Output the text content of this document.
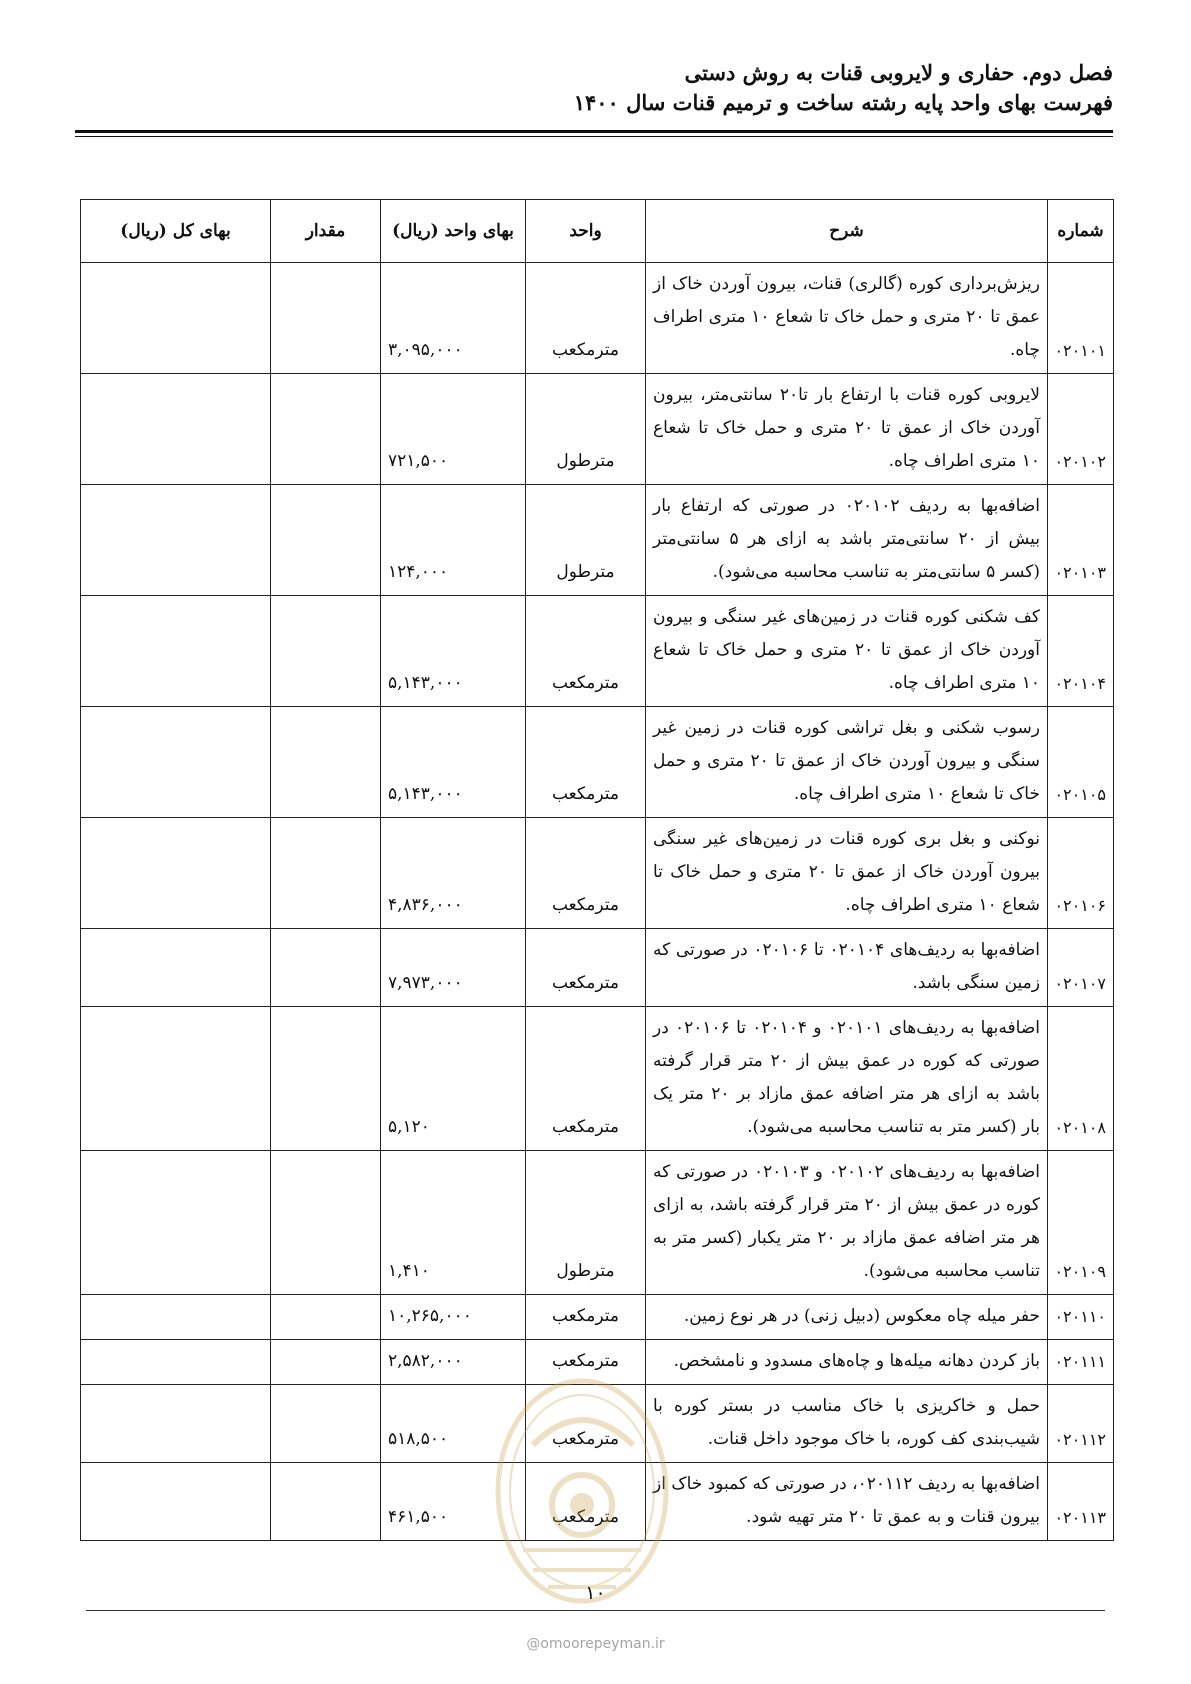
فصل دوم. حفاری و لایروبی قنات به روش دستی
فهرست بهای واحد پایه رشته ساخت و ترمیم قنات سال ۱۴۰۰
شماره	شرح	واحد	بهای واحد (ریال)	مقدار	بهای کل (ریال)
۰۲۰۱۰۱	ریزش‌برداری کوره (گالری) قنات، بیرون آوردن خاک از عمق تا ۲۰ متری و حمل خاک تا شعاع ۱۰ متری اطراف چاه.	مترمکعب	۳,۰۹۵,۰۰۰		
۰۲۰۱۰۲	لایروبی کوره قنات با ارتفاع بار تا۲۰ سانتی‌متر، بیرون آوردن خاک از عمق تا ۲۰ متری و حمل خاک تا شعاع ۱۰ متری اطراف چاه.	مترطول	۷۲۱,۵۰۰		
۰۲۰۱۰۳	اضافه‌بها به ردیف ۰۲۰۱۰۲ در صورتی که ارتفاع بار بیش از ۲۰ سانتی‌متر باشد به ازای هر ۵ سانتی‌متر (کسر ۵ سانتی‌متر به تناسب محاسبه می‌شود).	مترطول	۱۲۴,۰۰۰		
۰۲۰۱۰۴	کف شکنی کوره قنات در زمین‌های غیر سنگی و بیرون آوردن خاک از عمق تا ۲۰ متری و حمل خاک تا شعاع ۱۰ متری اطراف چاه.	مترمکعب	۵,۱۴۳,۰۰۰		
۰۲۰۱۰۵	رسوب شکنی و بغل تراشی کوره قنات در زمین غیر سنگی و بیرون آوردن خاک از عمق تا ۲۰ متری و حمل خاک تا شعاع ۱۰ متری اطراف چاه.	مترمکعب	۵,۱۴۳,۰۰۰		
۰۲۰۱۰۶	نوکنی و بغل بری کوره قنات در زمین‌های غیر سنگی بیرون آوردن خاک از عمق تا ۲۰ متری و حمل خاک تا شعاع ۱۰ متری اطراف چاه.	مترمکعب	۴,۸۳۶,۰۰۰		
۰۲۰۱۰۷	اضافه‌بها به ردیف‌های ۰۲۰۱۰۴ تا ۰۲۰۱۰۶ در صورتی که زمین سنگی باشد.	مترمکعب	۷,۹۷۳,۰۰۰		
۰۲۰۱۰۸	اضافه‌بها به ردیف‌های ۰۲۰۱۰۱ و ۰۲۰۱۰۴ تا ۰۲۰۱۰۶ در صورتی که کوره در عمق بیش از ۲۰ متر قرار گرفته باشد به ازای هر متر اضافه عمق مازاد بر ۲۰ متر یک بار (کسر متر به تناسب محاسبه می‌شود).	مترمکعب	۵,۱۲۰		
۰۲۰۱۰۹	اضافه‌بها به ردیف‌های ۰۲۰۱۰۲ و ۰۲۰۱۰۳ در صورتی که کوره در عمق بیش از ۲۰ متر قرار گرفته باشد، به ازای هر متر اضافه عمق مازاد بر ۲۰ متر یکبار (کسر متر به تناسب محاسبه می‌شود).	مترطول	۱,۴۱۰		
۰۲۰۱۱۰	حفر میله چاه معکوس (دبیل زنی) در هر نوع زمین.	مترمکعب	۱۰,۲۶۵,۰۰۰		
۰۲۰۱۱۱	باز کردن دهانه میله‌ها و چاه‌های مسدود و نامشخص.	مترمکعب	۲,۵۸۲,۰۰۰		
۰۲۰۱۱۲	حمل و خاکریزی با خاک مناسب در بستر کوره با شیب‌بندی کف کوره، با خاک موجود داخل قنات.	مترمکعب	۵۱۸,۵۰۰		
۰۲۰۱۱۳	اضافه‌بها به ردیف ۰۲۰۱۱۲، در صورتی که کمبود خاک از بیرون قنات و به عمق تا ۲۰ متر تهیه شود.	مترمکعب	۴۶۱,۵۰۰		
۱۰
@omoorepeyman.ir
